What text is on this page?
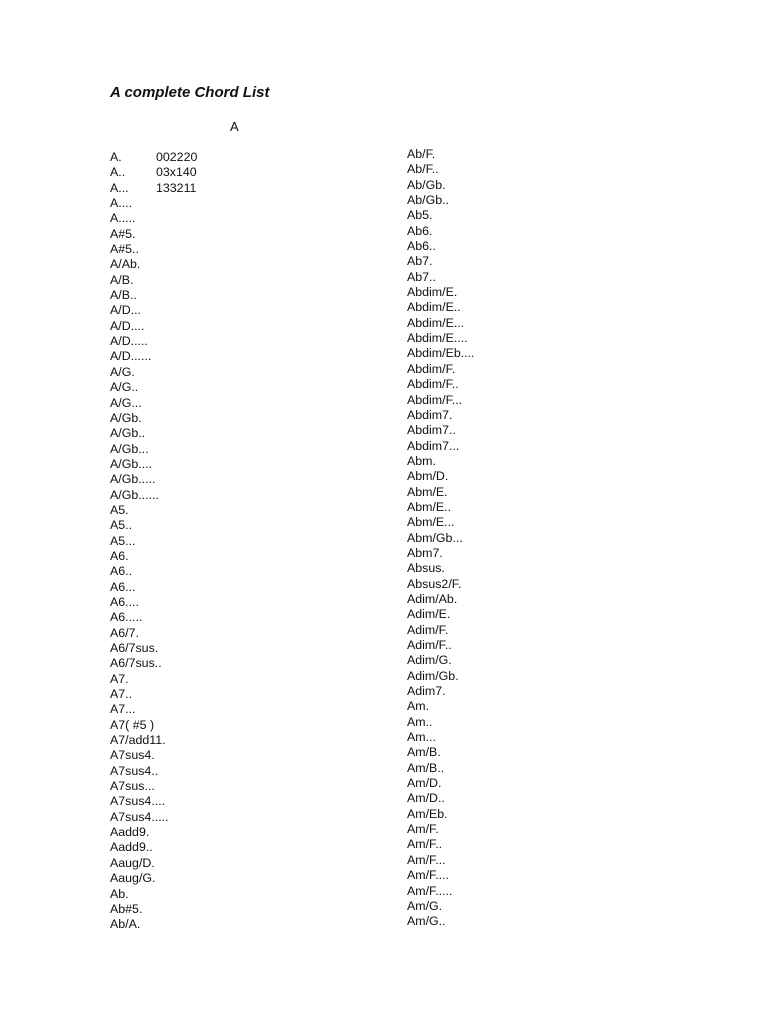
A complete Chord List
A
A.	002220
A..	03x140
A...	133211
A....
A.....
A#5.
A#5..
A/Ab.
A/B.
A/B..
A/D...
A/D....
A/D.....
A/D......
A/G.
A/G..
A/G...
A/Gb.
A/Gb..
A/Gb...
A/Gb....
A/Gb.....
A/Gb......
A5.
A5..
A5...
A6.
A6..
A6...
A6....
A6.....
A6/7.
A6/7sus.
A6/7sus..
A7.
A7..
A7...
A7( #5 )
A7/add11.
A7sus4.
A7sus4..
A7sus...
A7sus4....
A7sus4.....
Aadd9.
Aadd9..
Aaug/D.
Aaug/G.
Ab.
Ab#5.
Ab/A.
Ab/F.
Ab/F..
Ab/Gb.
Ab/Gb..
Ab5.
Ab6.
Ab6..
Ab7.
Ab7..
Abdim/E.
Abdim/E..
Abdim/E...
Abdim/E....
Abdim/Eb....
Abdim/F.
Abdim/F..
Abdim/F...
Abdim7.
Abdim7..
Abdim7...
Abm.
Abm/D.
Abm/E.
Abm/E..
Abm/E...
Abm/Gb...
Abm7.
Absus.
Absus2/F.
Adim/Ab.
Adim/E.
Adim/F.
Adim/F..
Adim/G.
Adim/Gb.
Adim7.
Am.
Am..
Am...
Am/B.
Am/B..
Am/D.
Am/D..
Am/Eb.
Am/F.
Am/F..
Am/F...
Am/F....
Am/F.....
Am/G.
Am/G..
